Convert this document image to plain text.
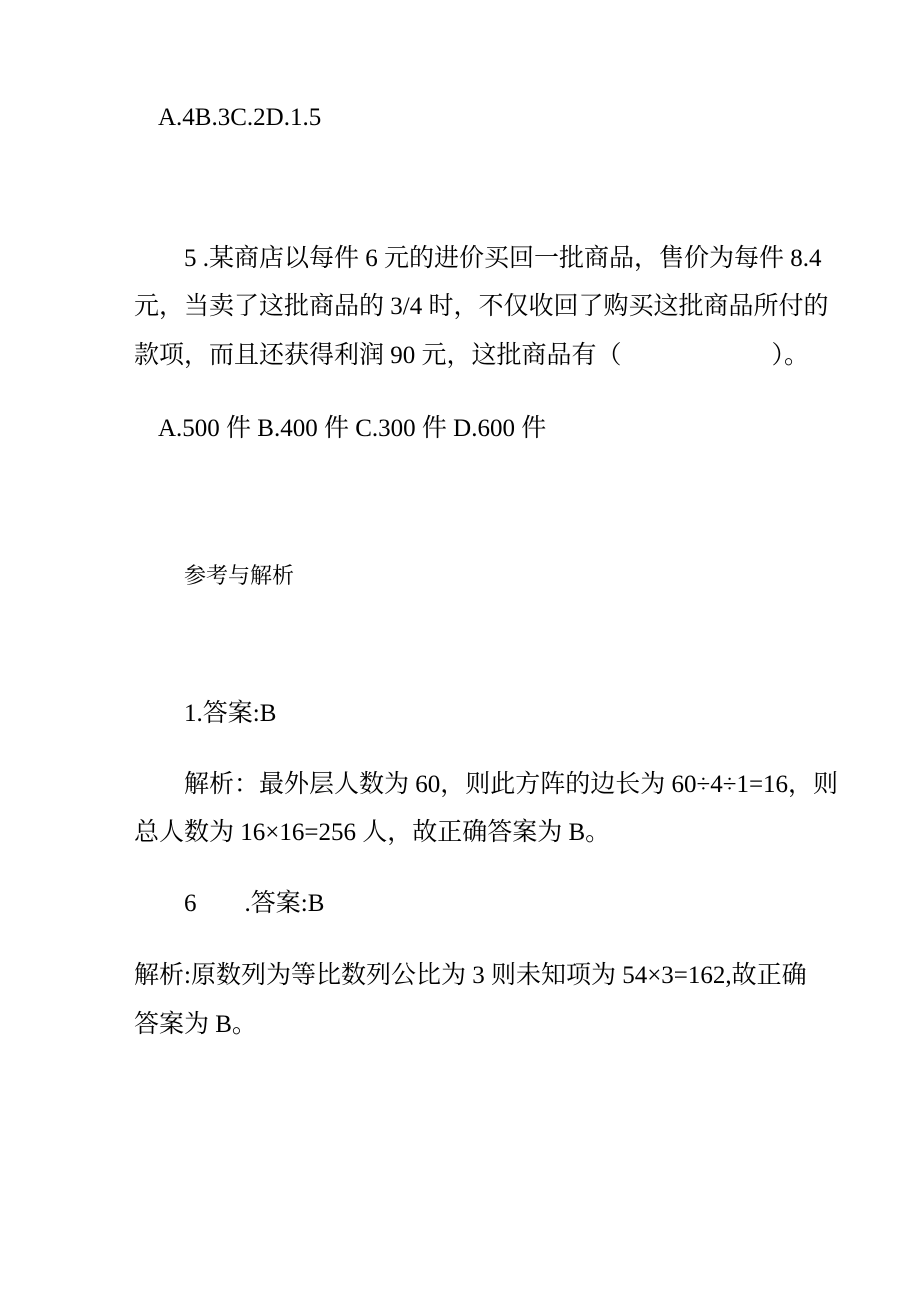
A.4B.3C.2D.1.5
5 .某商店以每件 6 元的进价买回一批商品，售价为每件 8.4
元，当卖了这批商品的 3/4 时，不仅收回了购买这批商品所付的
款项，而且还获得利润 90 元，这批商品有（	）。
A.500 件 B.400 件 C.300 件 D.600 件
参考与解析
1.答案:B
解析：最外层人数为 60，则此方阵的边长为 60÷4÷1=16，则
总人数为 16×16=256 人，故正确答案为 B。
6 .答案:B
解析:原数列为等比数列公比为 3 则未知项为 54×3=162,故正确
答案为 B。
